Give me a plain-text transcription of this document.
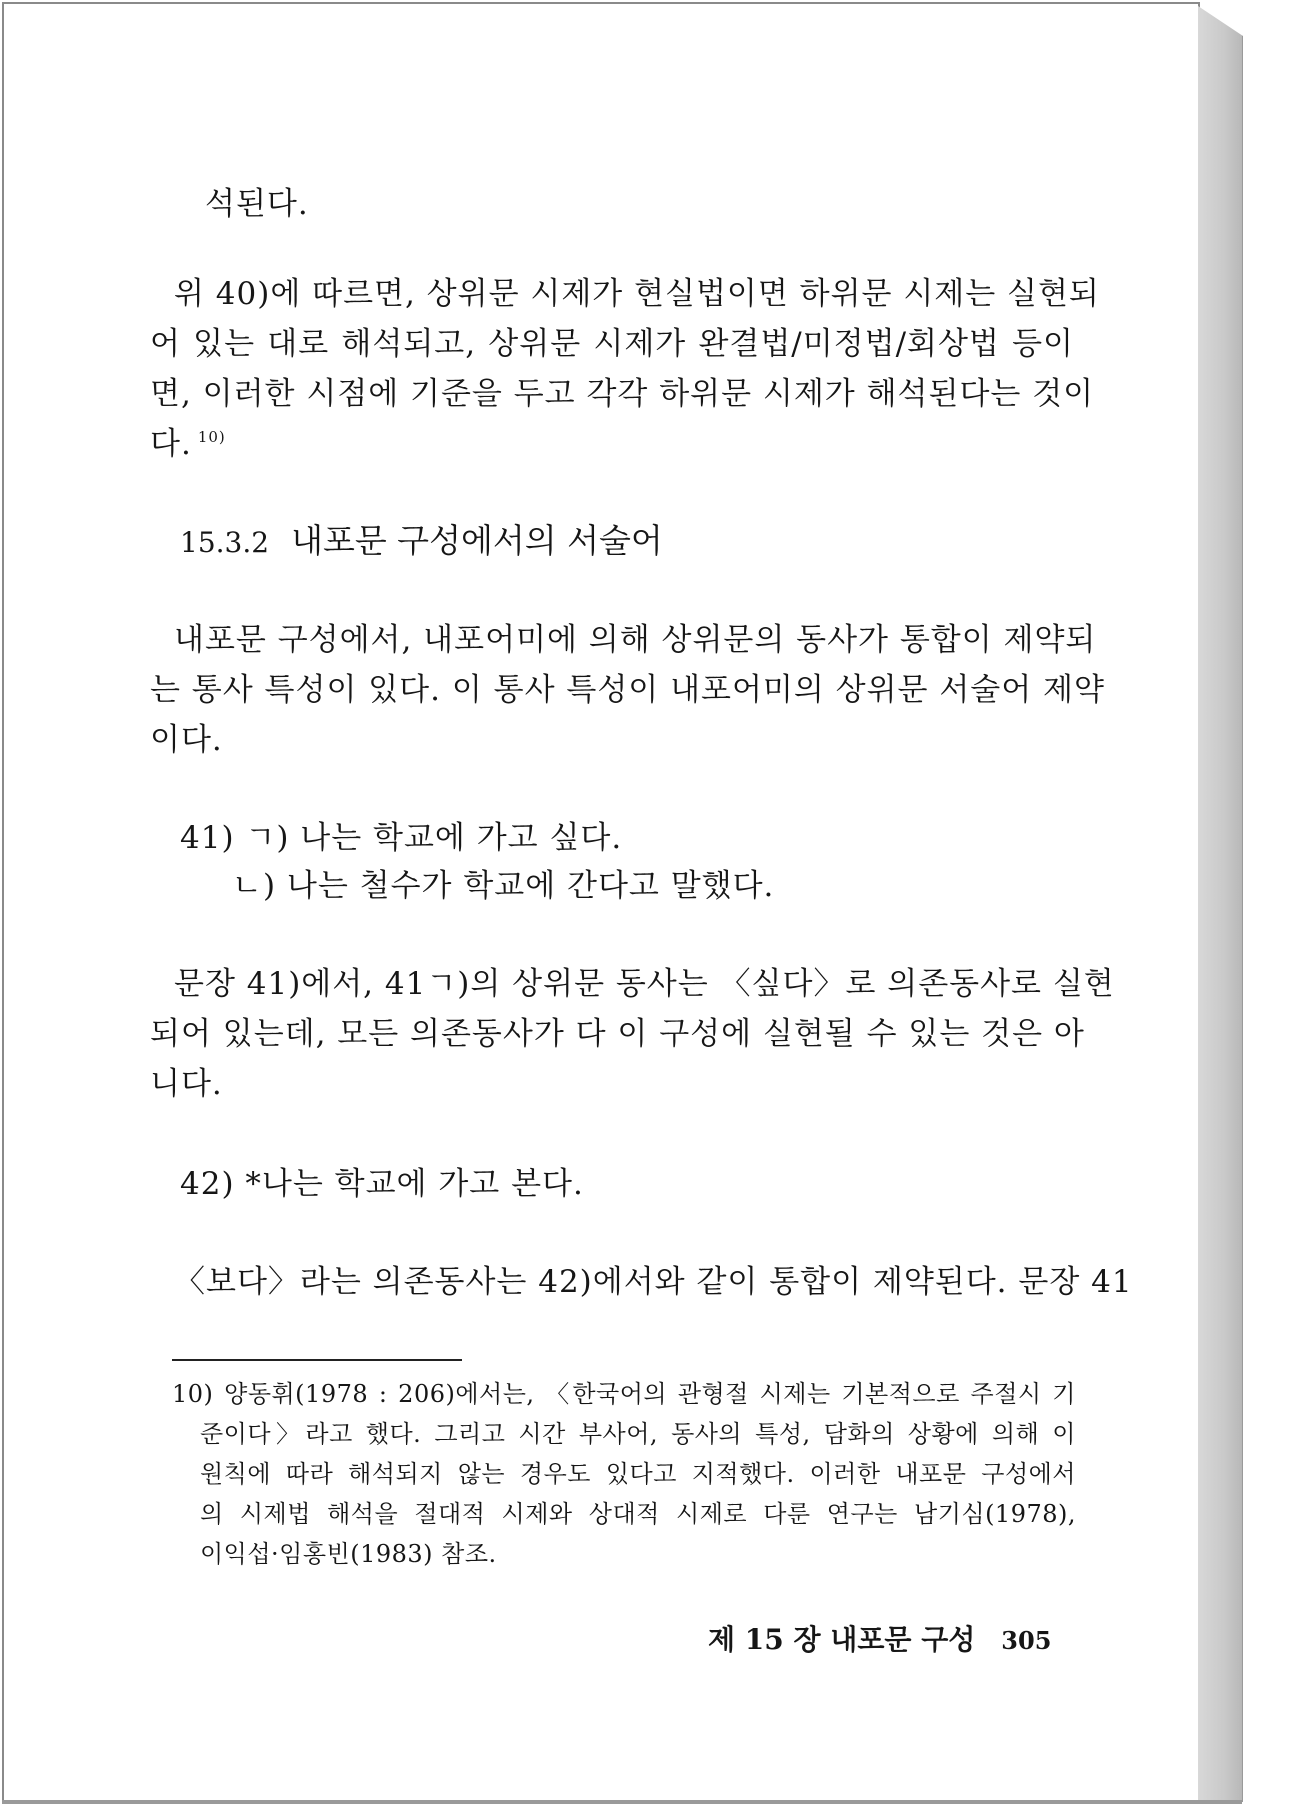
석된다.

위 40)에 따르면, 상위문 시제가 현실법이면 하위문 시제는 실현되

어 있는 대로 해석되고, 상위문 시제가 완결법/미정법/회상법 등이

면, 이러한 시점에 기준을 두고 각각 하위문 시제가 해석된다는 것이

다. $^{10)}$

15.3.2 내포문 구성에서의 서술어

내포문 구성에서, 내포어미에 의해 상위문의 동사가 통합이 제약되

는 통사 특성이 있다. 이 통사 특성이 내포어미의 상위문 서술어 제약

이다.

41) ㄱ) 나는 학교에 가고 싶다.

ㄴ) 나는 철수가 학교에 간다고 말했다.

문장 41)에서, 41ㄱ)의 상위문 동사는 〈싶다〉로 의존동사로 실현

되어 있는데, 모든 의존동사가 다 이 구성에 실현될 수 있는 것은 아

니다.

42) *나는 학교에 가고 본다.

〈보다〉라는 의존동사는 42)에서와 같이 통합이 제약된다. 문장 41

10) 양동휘(1978 : 206)에서는, 〈한국어의 관형절 시제는 기본적으로 주절시 기

준이다〉라고 했다. 그리고 시간 부사어, 동사의 특성, 담화의 상황에 의해 이

원칙에 따라 해석되지 않는 경우도 있다고 지적했다. 이러한 내포문 구성에서

의 시제법 해석을 절대적 시제와 상대적 시제로 다룬 연구는 남기심(1978),

이익섭·임홍빈(1983) 참조.

제 15 장 내포문 구성 305
